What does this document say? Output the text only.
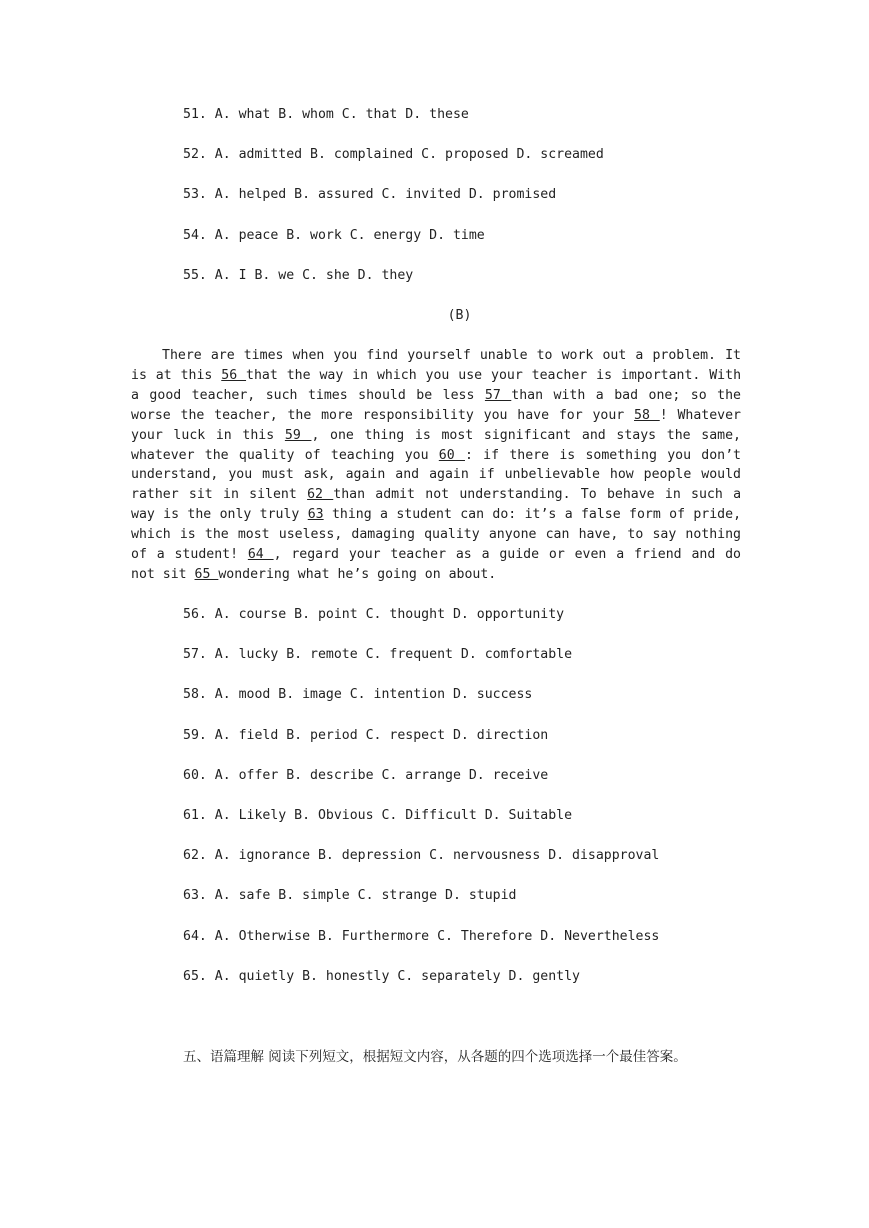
51. A. what B. whom C. that D. these
52. A. admitted B. complained C. proposed D. screamed
53. A. helped B. assured C. invited D. promised
54. A. peace B. work C. energy D. time
55. A. I B. we C. she D. they
(B)

There are times when you find yourself unable to work out a problem. It is at this 56 that the way in which you use your teacher is important. With a good teacher, such times should be less 57 than with a bad one; so the worse the teacher, the more responsibility you have for your 58 ! Whatever your luck in this 59 , one thing is most significant and stays the same, whatever the quality of teaching you 60 : if there is something you don’t understand, you must ask, again and again if unbelievable how people would rather sit in silent 62 than admit not understanding. To behave in such a way is the only truly 63 thing a student can do: it’s a false form of pride, which is the most useless, damaging quality anyone can have, to say nothing of a student! 64 , regard your teacher as a guide or even a friend and do not sit 65 wondering what he’s going on about.

56. A. course B. point C. thought D. opportunity
57. A. lucky B. remote C. frequent D. comfortable
58. A. mood B. image C. intention D. success
59. A. field B. period C. respect D. direction
60. A. offer B. describe C. arrange D. receive
61. A. Likely B. Obvious C. Difficult D. Suitable
62. A. ignorance B. depression C. nervousness D. disapproval
63. A. safe B. simple C. strange D. stupid
64. A. Otherwise B. Furthermore C. Therefore D. Nevertheless
65. A. quietly B. honestly C. separately D. gently

五、语篇理解 阅读下列短文，根据短文内容，从各题的四个选项选择一个最佳答案。
